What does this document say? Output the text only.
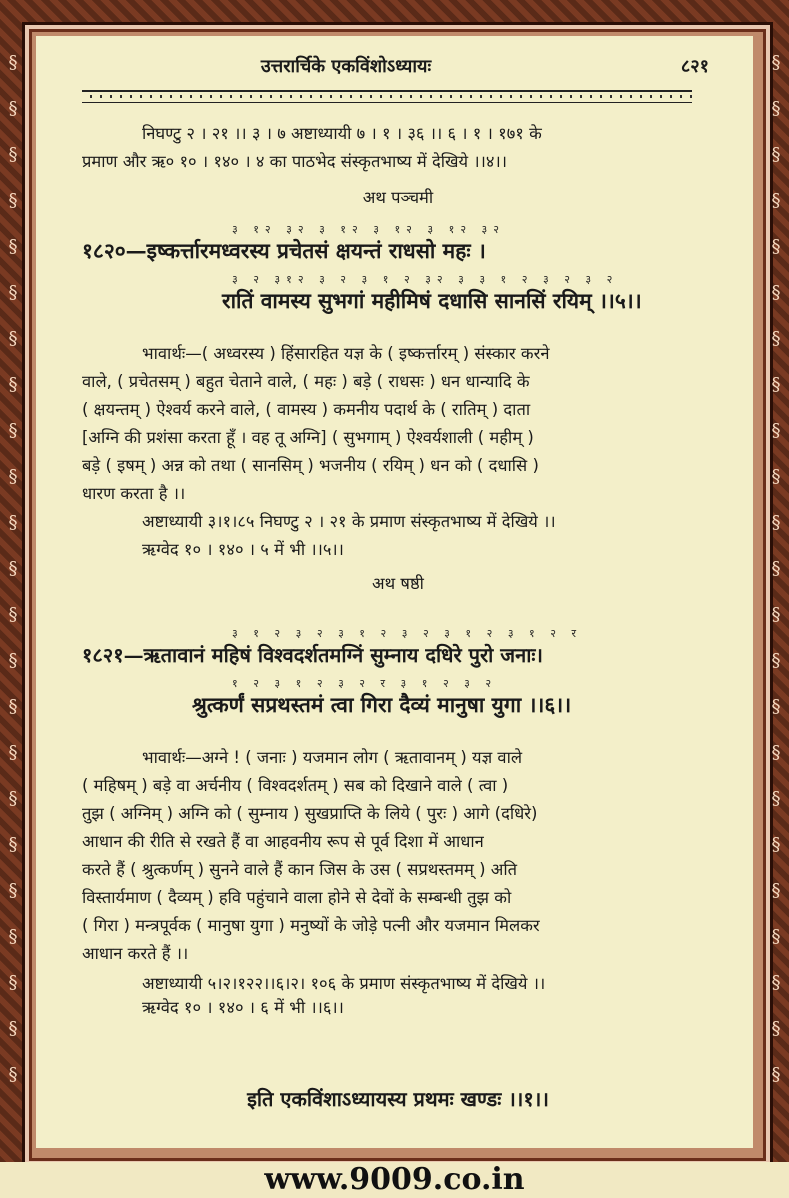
§
§
§
§
§
§
§
§
§
§
§
§
§
§
§
§
§
§
§
§
§
§
§
§
§
§
§
§
§
§
§
§
§
§
§
§
§
§
§
§
§
§
§
§
§
§
उत्तरार्चिके एकविंशोऽध्यायः	८२१
निघण्टु २ । २१ ।। ३ । ७ अष्टाध्यायी ७ । १ । ३६ ।। ६ । १ । १७१ के
प्रमाण और ऋ० १० । १४० । ४ का पाठभेद संस्कृतभाष्य में देखिये ।।४।।
अथ पञ्चमी
३ १२ ३२ ३ १२ ३ १२ ३ १२ ३२
१८२०—इष्कर्त्तारमध्वरस्य प्रचेतसं क्षयन्तं राधसो महः ।
३ २ ३१२ ३ २ ३ १ २ ३२ ३ ३ १ २ ३ २ ३ २
रातिं वामस्य सुभगां महीमिषं दधासि सानसिं रयिम् ।।५।।
भावार्थः—( अध्वरस्य ) हिंसारहित यज्ञ के ( इष्कर्त्तारम् ) संस्कार करने
वाले, ( प्रचेतसम् ) बहुत चेताने वाले, ( महः ) बड़े ( राधसः ) धन धान्यादि के
( क्षयन्तम् ) ऐश्वर्य करने वाले, ( वामस्य ) कमनीय पदार्थ के ( रातिम् ) दाता
[अग्नि की प्रशंसा करता हूँ । वह तू अग्नि] ( सुभगाम् ) ऐश्वर्यशाली ( महीम् )
बड़े ( इषम् ) अन्न को तथा ( सानसिम् ) भजनीय ( रयिम् ) धन को ( दधासि )
धारण करता है ।।
अष्टाध्यायी ३।१।८५ निघण्टु २ । २१ के प्रमाण संस्कृतभाष्य में देखिये ।।
ऋग्वेद १० । १४० । ५ में भी ।।५।।
अथ षष्ठी
३ १ २ ३ २ ३ १ २ ३ २ ३ १ २ ३ १ २ र
१८२१—ऋतावानं महिषं विश्वदर्शतमग्निं सुम्नाय दधिरे पुरो जनाः।
१ २ ३ १ २ ३ २ र ३ १ २ ३ २
श्रुत्कर्णं सप्रथस्तमं त्वा गिरा दैव्यं मानुषा युगा ।।६।।
भावार्थः—अग्ने ! ( जनाः ) यजमान लोग ( ऋतावानम् ) यज्ञ वाले
( महिषम् ) बड़े वा अर्चनीय ( विश्वदर्शतम् ) सब को दिखाने वाले ( त्वा )
तुझ ( अग्निम् ) अग्नि को ( सुम्नाय ) सुखप्राप्ति के लिये ( पुरः ) आगे (दधिरे)
आधान की रीति से रखते हैं वा आहवनीय रूप से पूर्व दिशा में आधान
करते हैं ( श्रुत्कर्णम् ) सुनने वाले हैं कान जिस के उस ( सप्रथस्तमम् ) अति
विस्तार्यमाण ( दैव्यम् ) हवि पहुंचाने वाला होने से देवों के सम्बन्धी तुझ को
( गिरा ) मन्त्रपूर्वक ( मानुषा युगा ) मनुष्यों के जोड़े पत्नी और यजमान मिलकर
आधान करते हैं ।।
अष्टाध्यायी ५।२।१२२।।६।२। १०६ के प्रमाण संस्कृतभाष्य में देखिये ।।
ऋग्वेद १० । १४० । ६ में भी ।।६।।
इति एकविंशाऽध्यायस्य प्रथमः खण्डः ।।१।।
www.9009.co.in
